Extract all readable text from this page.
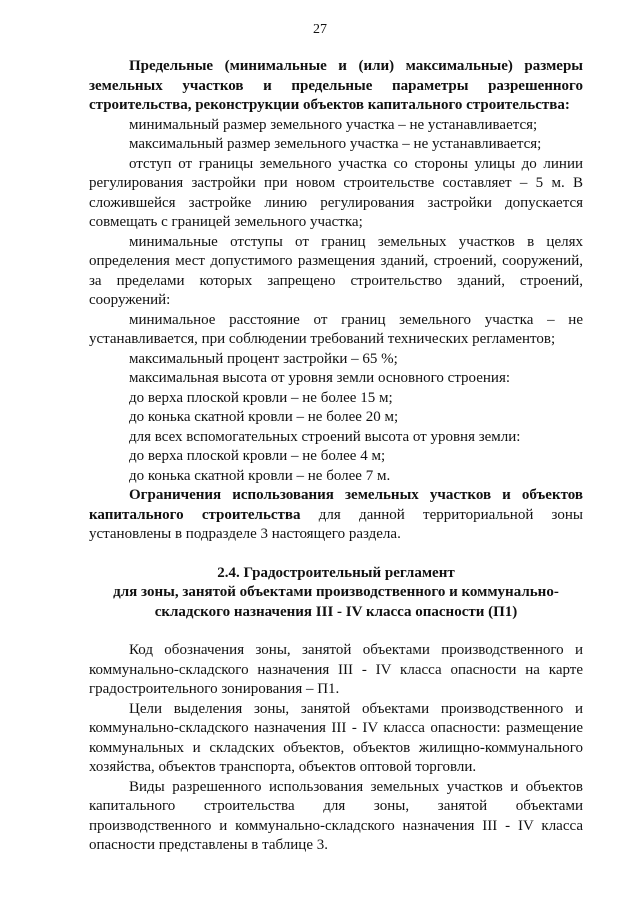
27

Предельные (минимальные и (или) максимальные) размеры земельных участков и предельные параметры разрешенного строительства, реконструкции объектов капитального строительства:

минимальный размер земельного участка – не устанавливается;

максимальный размер земельного участка – не устанавливается;

отступ от границы земельного участка со стороны улицы до линии регулирования застройки при новом строительстве составляет – 5 м. В сложившейся застройке линию регулирования застройки допускается совмещать с границей земельного участка;

минимальные отступы от границ земельных участков в целях определения мест допустимого размещения зданий, строений, сооружений, за пределами которых запрещено строительство зданий, строений, сооружений:

минимальное расстояние от границ земельного участка – не устанавливается, при соблюдении требований технических регламентов;

максимальный процент застройки – 65 %;

максимальная высота от уровня земли основного строения:

до верха плоской кровли – не более 15 м;

до конька скатной кровли – не более 20 м;

для всех вспомогательных строений высота от уровня земли:

до верха плоской кровли – не более 4 м;

до конька скатной кровли – не более 7 м.

Ограничения использования земельных участков и объектов капитального строительства для данной территориальной зоны установлены в подразделе 3 настоящего раздела.

2.4. Градостроительный регламент
для зоны, занятой объектами производственного и коммунально-
складского назначения III - IV класса опасности (П1)

Код обозначения зоны, занятой объектами производственного и коммунально-складского назначения III - IV класса опасности на карте градостроительного зонирования – П1.

Цели выделения зоны, занятой объектами производственного и коммунально-складского назначения III - IV класса опасности: размещение коммунальных и складских объектов, объектов жилищно-коммунального хозяйства, объектов транспорта, объектов оптовой торговли.

Виды разрешенного использования земельных участков и объектов капитального строительства для зоны, занятой объектами производственного и коммунально-складского назначения III - IV класса опасности представлены в таблице 3.
